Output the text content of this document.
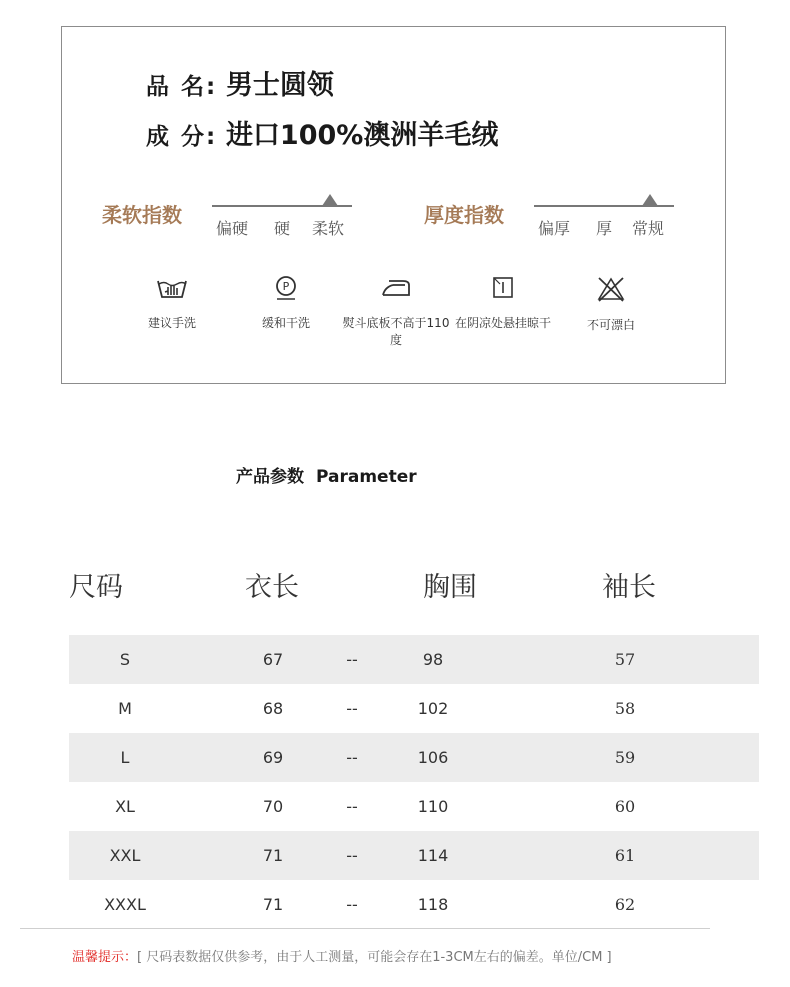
品 名: 男士圆领
成 分: 进口100%澳洲羊毛绒
柔软指数
偏硬 硬 柔软
厚度指数
偏厚 厚 常规
建议手洗
P
缓和干洗	熨斗底板不高于110度
在阴凉处悬挂晾干	不可漂白
产品参数 Parameter
尺码	衣长	胸围	袖长
S	67	--	98	57
M	68	--	102	58
L	69	--	106	59
XL	70	--	110	60
XXL	71	--	114	61
XXXL	71	--	118	62
温馨提示：[ 尺码表数据仅供参考，由于人工测量，可能会存在1-3CM左右的偏差。单位/CM ]
